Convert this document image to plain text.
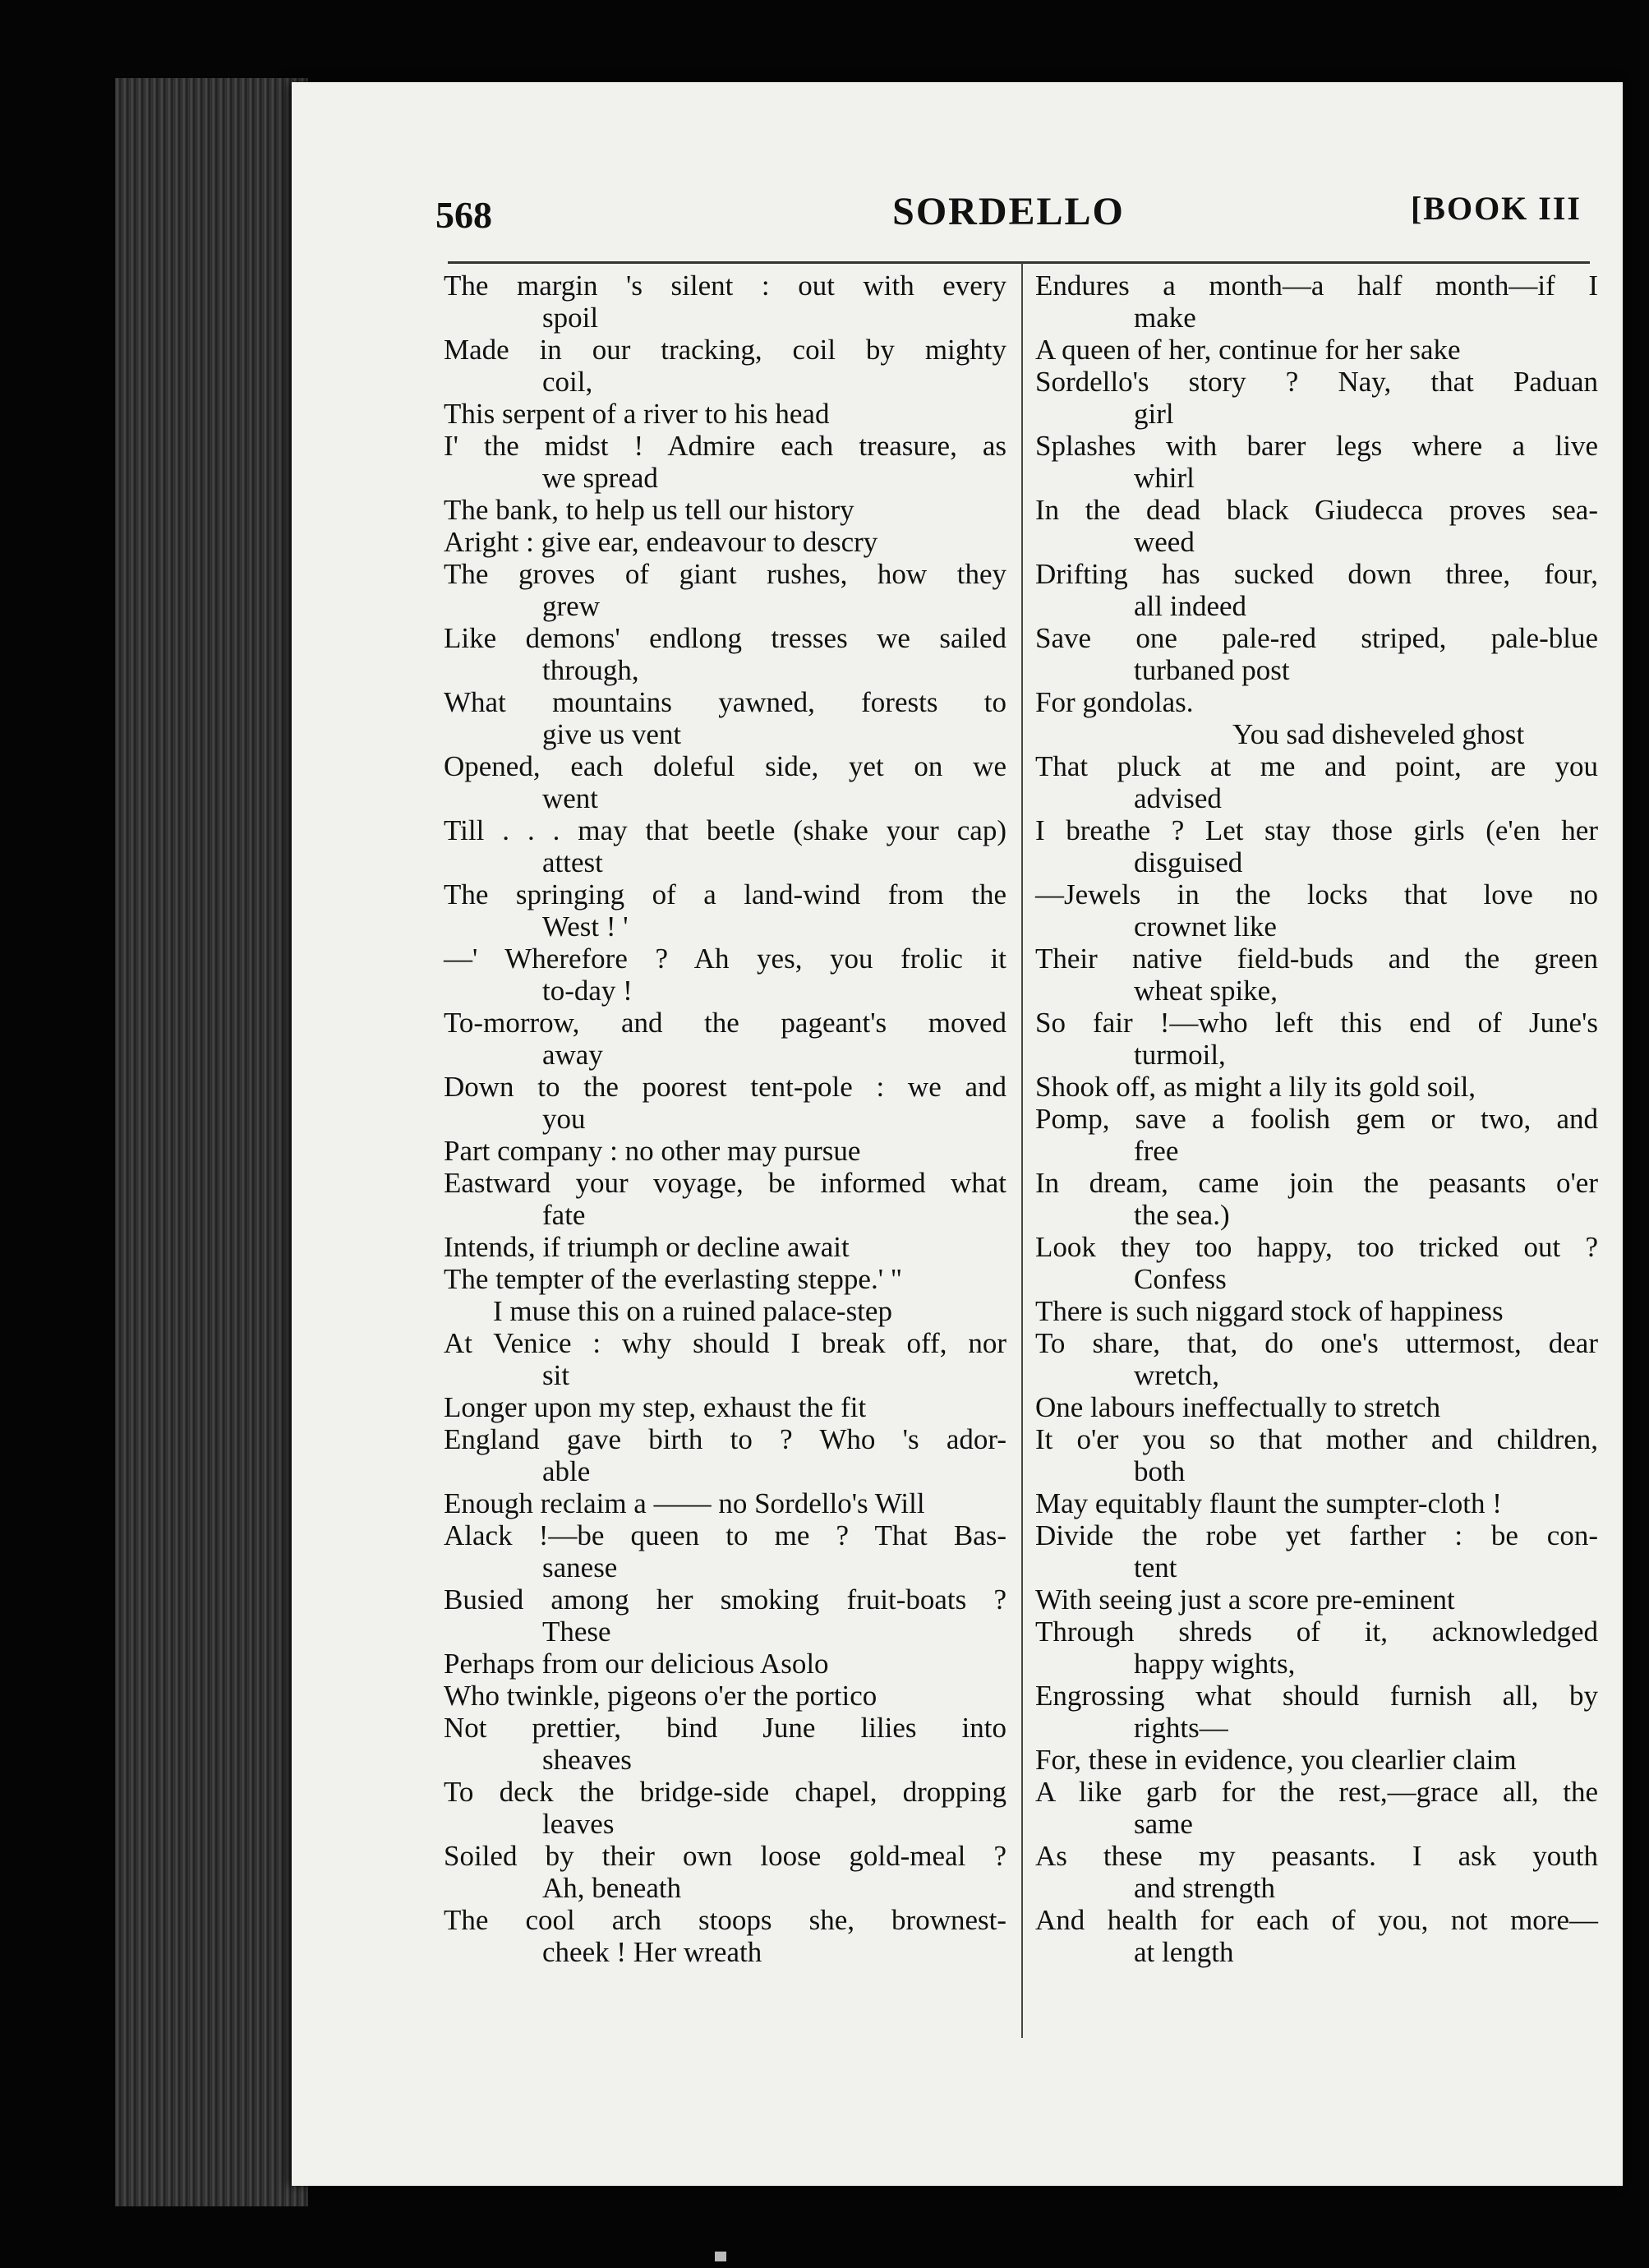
568	SORDELLO	[BOOK III
The margin 's silent : out with every
spoil
Made in our tracking, coil by mighty
coil,
This serpent of a river to his head
I' the midst ! Admire each treasure, as
we spread
The bank, to help us tell our history
Aright : give ear, endeavour to descry
The groves of giant rushes, how they
grew
Like demons' endlong tresses we sailed
through,
What mountains yawned, forests to
give us vent
Opened, each doleful side, yet on we
went
Till . . . may that beetle (shake your cap)
attest
The springing of a land-wind from the
West ! '
—' Wherefore ? Ah yes, you frolic it
to-day !
To-morrow, and the pageant's moved
away
Down to the poorest tent-pole : we and
you
Part company : no other may pursue
Eastward your voyage, be informed what
fate
Intends, if triumph or decline await
The tempter of the everlasting steppe.' "
I muse this on a ruined palace-step
At Venice : why should I break off, nor
sit
Longer upon my step, exhaust the fit
England gave birth to ? Who 's ador-
able
Enough reclaim a —— no Sordello's Will
Alack !—be queen to me ? That Bas-
sanese
Busied among her smoking fruit-boats ?
These
Perhaps from our delicious Asolo
Who twinkle, pigeons o'er the portico
Not prettier, bind June lilies into
sheaves
To deck the bridge-side chapel, dropping
leaves
Soiled by their own loose gold-meal ?
Ah, beneath
The cool arch stoops she, brownest-
cheek ! Her wreath
Endures a month—a half month—if I
make
A queen of her, continue for her sake
Sordello's story ? Nay, that Paduan
girl
Splashes with barer legs where a live
whirl
In the dead black Giudecca proves sea-
weed
Drifting has sucked down three, four,
all indeed
Save one pale-red striped, pale-blue
turbaned post
For gondolas.
You sad disheveled ghost
That pluck at me and point, are you
advised
I breathe ? Let stay those girls (e'en her
disguised
—Jewels in the locks that love no
crownet like
Their native field-buds and the green
wheat spike,
So fair !—who left this end of June's
turmoil,
Shook off, as might a lily its gold soil,
Pomp, save a foolish gem or two, and
free
In dream, came join the peasants o'er
the sea.)
Look they too happy, too tricked out ?
Confess
There is such niggard stock of happiness
To share, that, do one's uttermost, dear
wretch,
One labours ineffectually to stretch
It o'er you so that mother and children,
both
May equitably flaunt the sumpter-cloth !
Divide the robe yet farther : be con-
tent
With seeing just a score pre-eminent
Through shreds of it, acknowledged
happy wights,
Engrossing what should furnish all, by
rights—
For, these in evidence, you clearlier claim
A like garb for the rest,—grace all, the
same
As these my peasants. I ask youth
and strength
And health for each of you, not more—
at length
